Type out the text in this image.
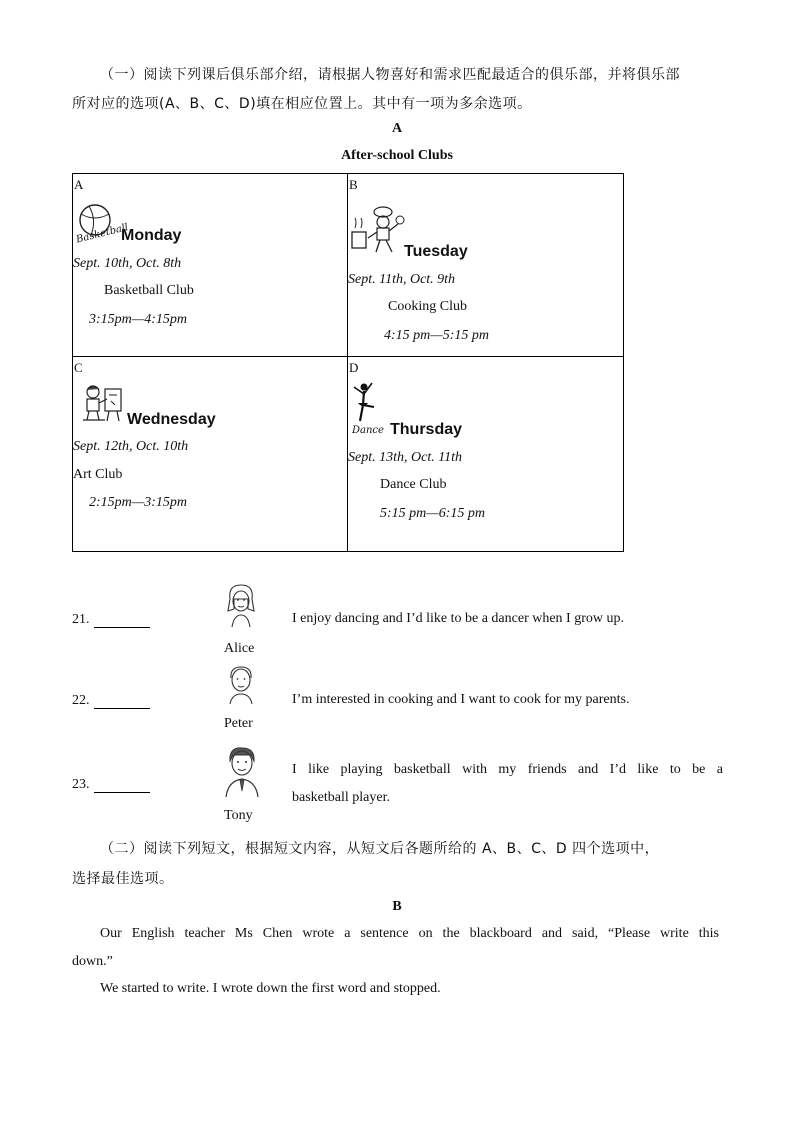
（一）阅读下列课后俱乐部介绍，请根据人物喜好和需求匹配最适合的俱乐部，并将俱乐部
所对应的选项(A、B、C、D)填在相应位置上。其中有一项为多余选项。
A
After-school Clubs
A
Basketball
Monday
Sept. 10th, Oct. 8th
Basketball Club
3:15pm—4:15pm
B
Tuesday
Sept. 11th, Oct. 9th
Cooking Club
4:15 pm—5:15 pm
C
Wednesday
Sept. 12th, Oct. 10th
Art Club
2:15pm—3:15pm
D
Dance Thursday
Sept. 13th, Oct. 11th
Dance Club
5:15 pm—6:15 pm
21.
Alice
I enjoy dancing and I’d like to be a dancer when I grow up.
22.
Peter
I’m interested in cooking and I want to cook for my parents.
23.
Tony
I like playing basketball with my friends and I’d like to be a
basketball player.
（二）阅读下列短文，根据短文内容，从短文后各题所给的 A、B、C、D 四个选项中，
选择最佳选项。
B
Our English teacher Ms Chen wrote a sentence on the blackboard and said, “Please write this
down.”
We started to write. I wrote down the first word and stopped.
